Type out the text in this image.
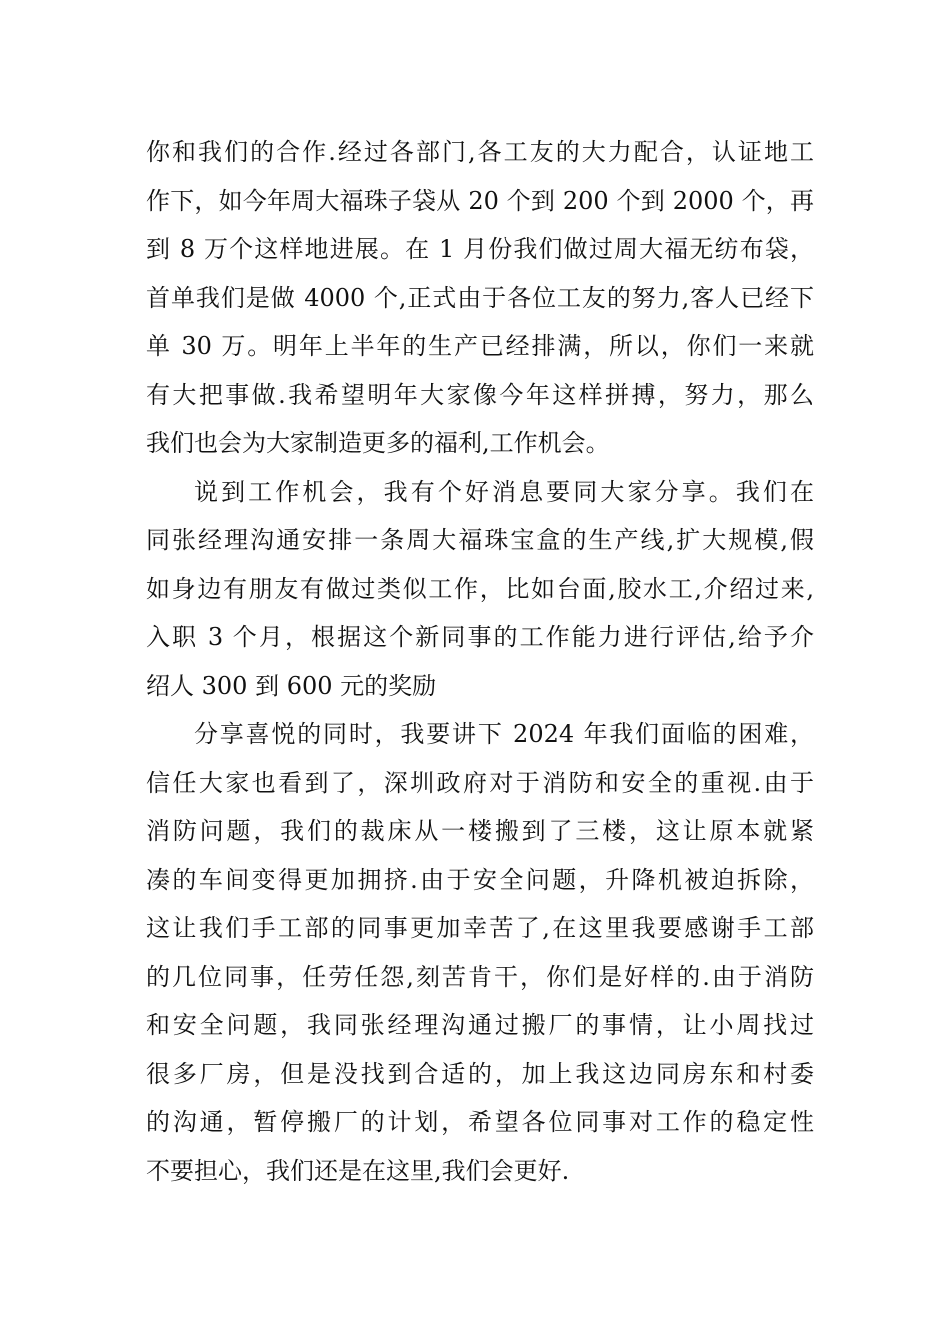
你和我们的合作.经过各部门,各工友的大力配合，认证地工
作下，如今年周大福珠子袋从 20 个到 200 个到 2000 个，再
到 8 万个这样地进展。在 1 月份我们做过周大福无纺布袋，
首单我们是做 4000 个,正式由于各位工友的努力,客人已经下
单 30 万。明年上半年的生产已经排满，所以，你们一来就
有大把事做.我希望明年大家像今年这样拼搏，努力，那么
我们也会为大家制造更多的福利,工作机会。
说到工作机会，我有个好消息要同大家分享。我们在
同张经理沟通安排一条周大福珠宝盒的生产线,扩大规模,假
如身边有朋友有做过类似工作，比如台面,胶水工,介绍过来,
入职 3 个月，根据这个新同事的工作能力进行评估,给予介
绍人 300 到 600 元的奖励
分享喜悦的同时，我要讲下 2024 年我们面临的困难，
信任大家也看到了，深圳政府对于消防和安全的重视.由于
消防问题，我们的裁床从一楼搬到了三楼，这让原本就紧
凑的车间变得更加拥挤.由于安全问题，升降机被迫拆除，
这让我们手工部的同事更加幸苦了,在这里我要感谢手工部
的几位同事，任劳任怨,刻苦肯干，你们是好样的.由于消防
和安全问题，我同张经理沟通过搬厂的事情，让小周找过
很多厂房，但是没找到合适的，加上我这边同房东和村委
的沟通，暂停搬厂的计划，希望各位同事对工作的稳定性
不要担心，我们还是在这里,我们会更好.
